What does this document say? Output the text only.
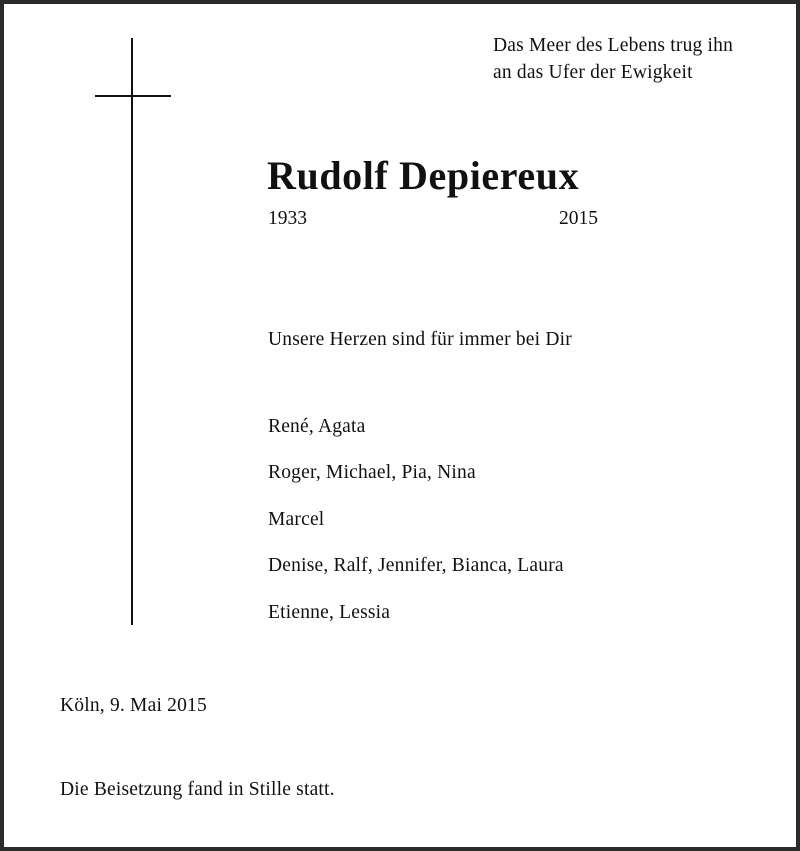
Das Meer des Lebens trug ihn
an das Ufer der Ewigkeit
Rudolf Depiereux
1933	2015
Unsere Herzen sind für immer bei Dir
René, Agata
Roger, Michael, Pia, Nina
Marcel
Denise, Ralf, Jennifer, Bianca, Laura
Etienne, Lessia
Köln, 9. Mai 2015
Die Beisetzung fand in Stille statt.
